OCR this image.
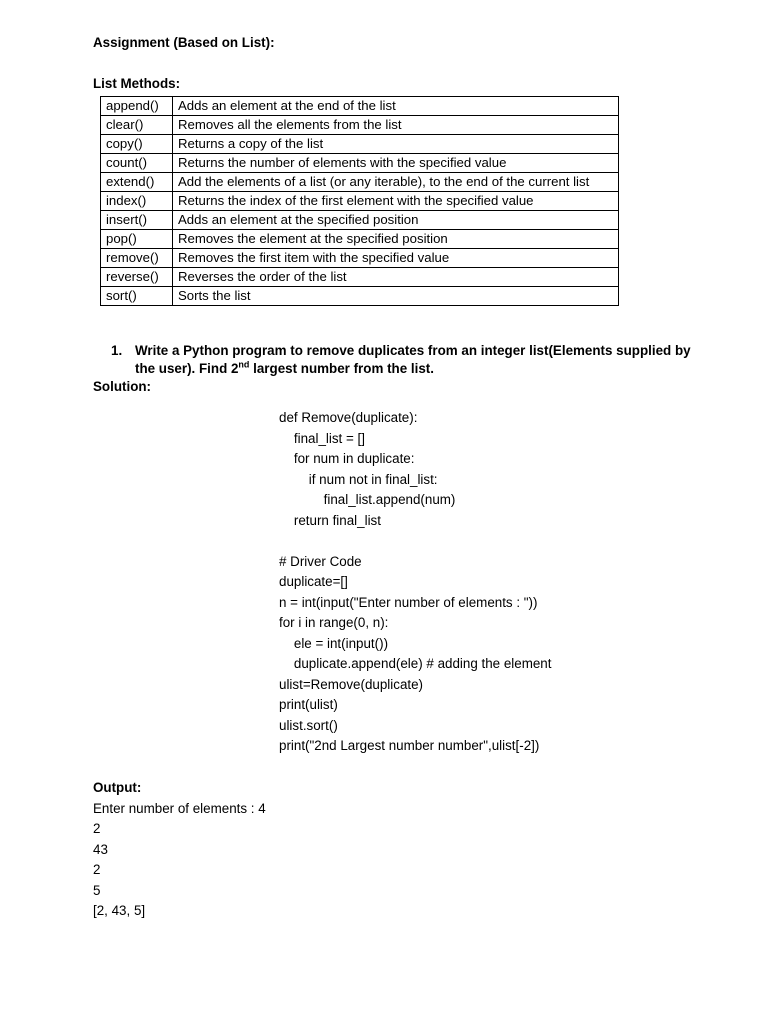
Assignment (Based on List):
List Methods:
append()	Adds an element at the end of the list
clear()	Removes all the elements from the list
copy()	Returns a copy of the list
count()	Returns the number of elements with the specified value
extend()	Add the elements of a list (or any iterable), to the end of the current list
index()	Returns the index of the first element with the specified value
insert()	Adds an element at the specified position
pop()	Removes the element at the specified position
remove()	Removes the first item with the specified value
reverse()	Reverses the order of the list
sort()	Sorts the list
1. Write a Python program to remove duplicates from an integer list(Elements supplied by the user). Find 2nd largest number from the list.
Solution:
def Remove(duplicate):
final_list = []
for num in duplicate:
if num not in final_list:
final_list.append(num)
return final_list
# Driver Code
duplicate=[]
n = int(input("Enter number of elements : "))
for i in range(0, n):
ele = int(input())
duplicate.append(ele) # adding the element
ulist=Remove(duplicate)
print(ulist)
ulist.sort()
print("2nd Largest number number",ulist[-2])
Output:
Enter number of elements : 4
2
43
2
5
[2, 43, 5]
